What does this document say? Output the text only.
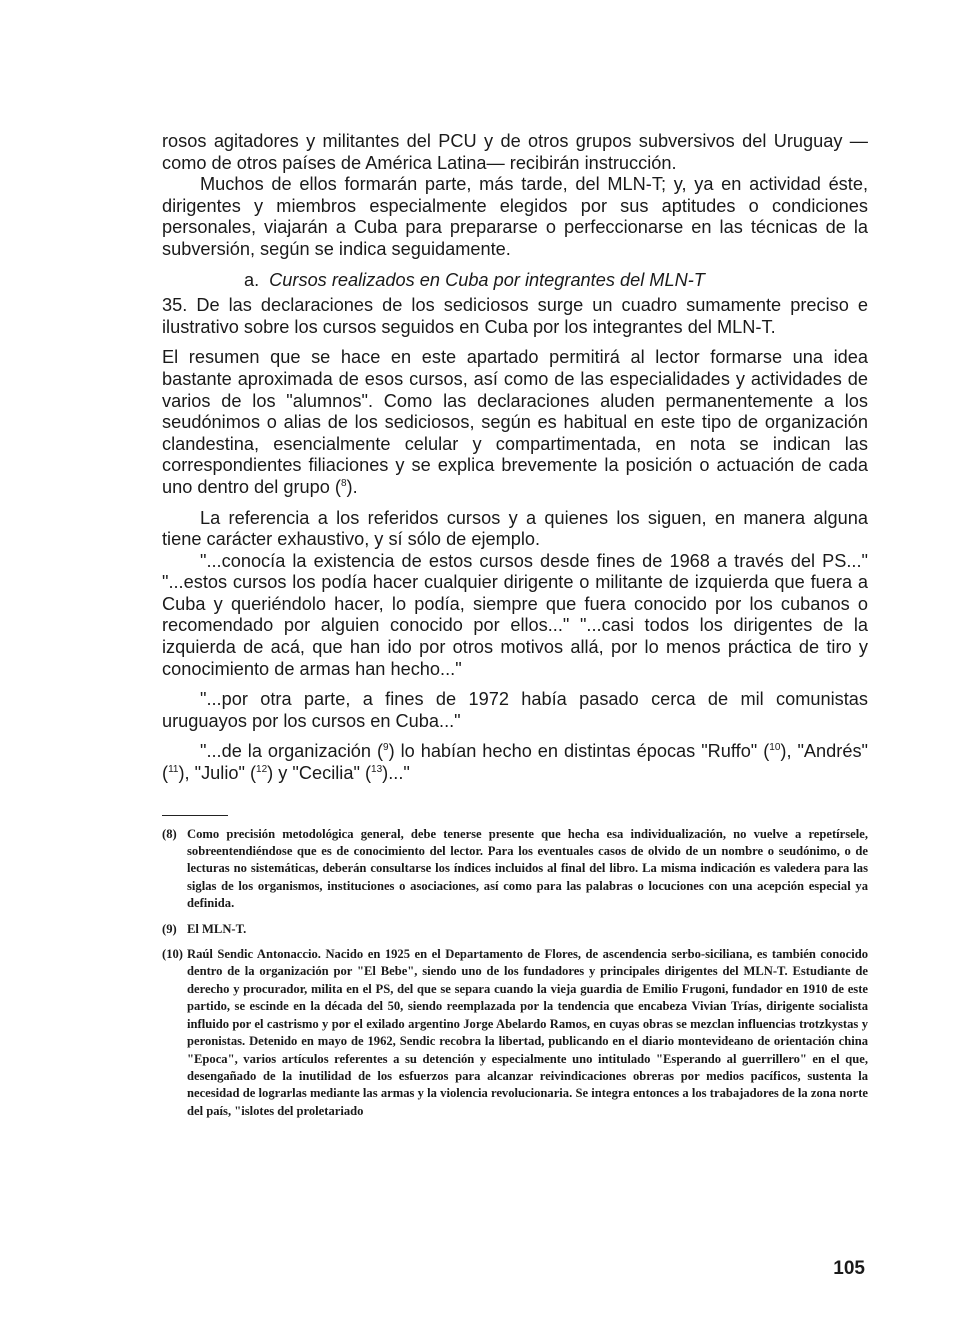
rosos agitadores y militantes del PCU y de otros grupos subversivos del Uruguay —como de otros países de América Latina— recibirán instrucción.

Muchos de ellos formarán parte, más tarde, del MLN-T; y, ya en actividad éste, dirigentes y miembros especialmente elegidos por sus aptitudes o condiciones personales, viajarán a Cuba para prepararse o perfeccionarse en las técnicas de la subversión, según se indica seguidamente.

a. Cursos realizados en Cuba por integrantes del MLN-T

35. De las declaraciones de los sediciosos surge un cuadro sumamente preciso e ilustrativo sobre los cursos seguidos en Cuba por los integrantes del MLN-T.

El resumen que se hace en este apartado permitirá al lector formarse una idea bastante aproximada de esos cursos, así como de las especialidades y actividades de varios de los "alumnos". Como las declaraciones aluden permanentemente a los seudónimos o alias de los sediciosos, según es habitual en este tipo de organización clandestina, esencialmente celular y compartimentada, en nota se indican las correspondientes filiaciones y se explica brevemente la posición o actuación de cada uno dentro del grupo ($^8$).

La referencia a los referidos cursos y a quienes los siguen, en manera alguna tiene carácter exhaustivo, y sí sólo de ejemplo.

"...conocía la existencia de estos cursos desde fines de 1968 a través del PS..." "...estos cursos los podía hacer cualquier dirigente o militante de izquierda que fuera a Cuba y queriéndolo hacer, lo podía, siempre que fuera conocido por los cubanos o recomendado por alguien conocido por ellos..." "...casi todos los dirigentes de la izquierda de acá, que han ido por otros motivos allá, por lo menos práctica de tiro y conocimiento de armas han hecho..."

"...por otra parte, a fines de 1972 había pasado cerca de mil comunistas uruguayos por los cursos en Cuba..."

"...de la organización ($^9$) lo habían hecho en distintas épocas "Ruffo" ($^{10}$), "Andrés" ($^{11}$), "Julio" ($^{12}$) y "Cecilia" ($^{13}$)..."

(8) Como precisión metodológica general, debe tenerse presente que hecha esa individualización, no vuelve a repetírsele, sobreentendiéndose que es de conocimiento del lector. Para los eventuales casos de olvido de un nombre o seudónimo, o de lecturas no sistemáticas, deberán consultarse los índices incluidos al final del libro. La misma indicación es valedera para las siglas de los organismos, instituciones o asociaciones, así como para las palabras o locuciones con una acepción especial ya definida.

(9) El MLN-T.

(10) Raúl Sendic Antonaccio. Nacido en 1925 en el Departamento de Flores, de ascendencia serbo-siciliana, es también conocido dentro de la organización por "El Bebe", siendo uno de los fundadores y principales dirigentes del MLN-T. Estudiante de derecho y procurador, milita en el PS, del que se separa cuando la vieja guardia de Emilio Frugoni, fundador en 1910 de este partido, se escinde en la década del 50, siendo reemplazada por la tendencia que encabeza Vivian Trías, dirigente socialista influido por el castrismo y por el exilado argentino Jorge Abelardo Ramos, en cuyas obras se mezclan influencias trotzkystas y peronistas. Detenido en mayo de 1962, Sendic recobra la libertad, publicando en el diario montevideano de orientación china "Epoca", varios artículos referentes a su detención y especialmente uno intitulado "Esperando al guerrillero" en el que, desengañado de la inutilidad de los esfuerzos para alcanzar reivindicaciones obreras por medios pacíficos, sustenta la necesidad de lograrlas mediante las armas y la violencia revolucionaria. Se integra entonces a los trabajadores de la zona norte del país, "islotes del proletariado

105
